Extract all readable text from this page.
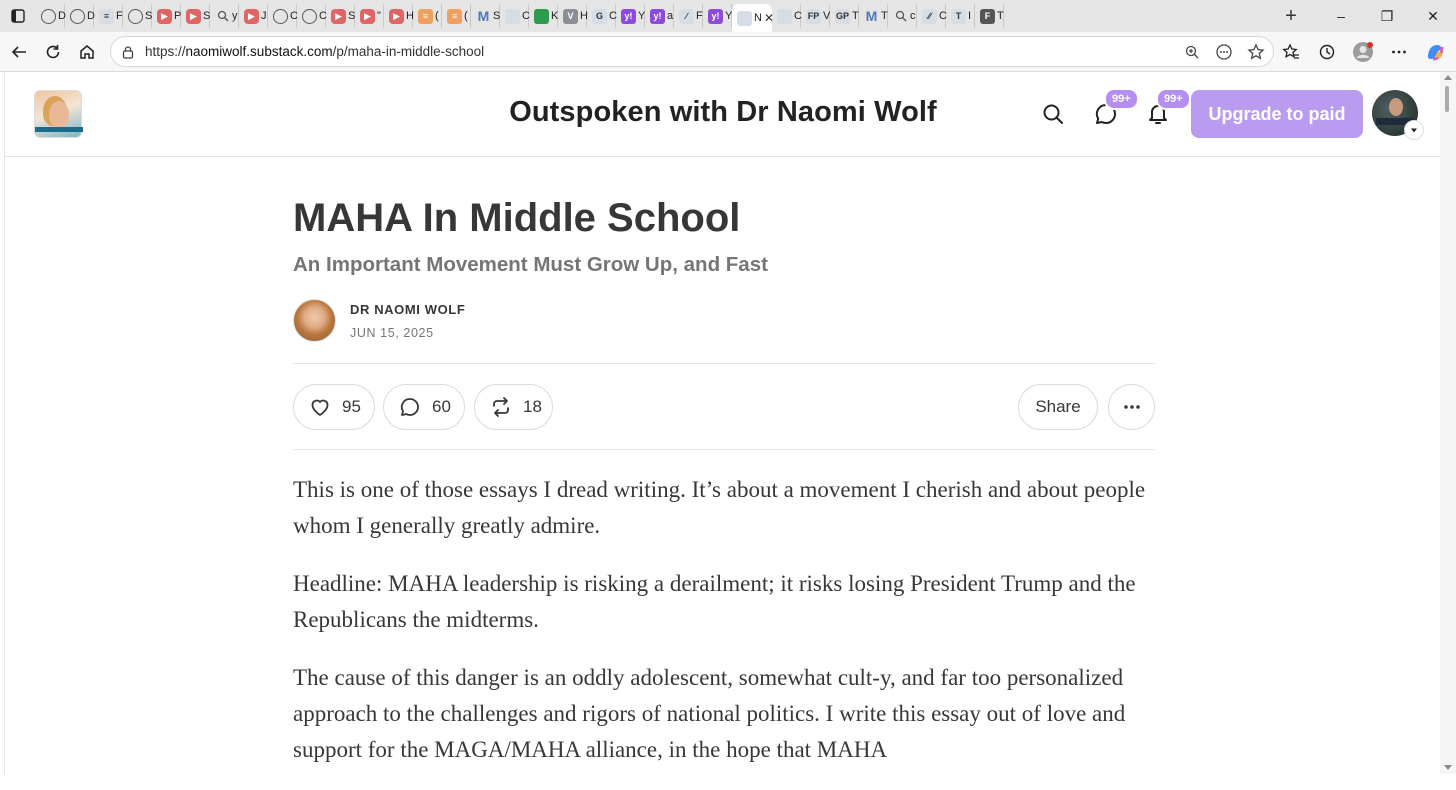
D D ≡ F S ▶ P ▶ S y	▶ J C C ▶ S ▶ "	▶ H ≡ (	≡ ( M S C K	V H G C y! Y y! a	∕ F y! Y N ✕ C FP V GP T M T c	∕∕ C T I	F T	+	–	❐	✕
https://naomiwolf.substack.com/p/maha-in-middle-school
Outspoken with Dr Naomi Wolf	99+	99+
Upgrade to paid
MAHA In Middle School
An Important Movement Must Grow Up, and Fast
DR NAOMI WOLF
JUN 15, 2025
95	60	18	Share

This is one of those essays I dread writing. It’s about a movement I cherish and about people whom I generally greatly admire.

Headline: MAHA leadership is risking a derailment; it risks losing President Trump and the Republicans the midterms.

The cause of this danger is an oddly adolescent, somewhat cult-y, and far too personalized approach to the challenges and rigors of national politics. I write this essay out of love and support for the MAGA/MAHA alliance, in the hope that MAHA
